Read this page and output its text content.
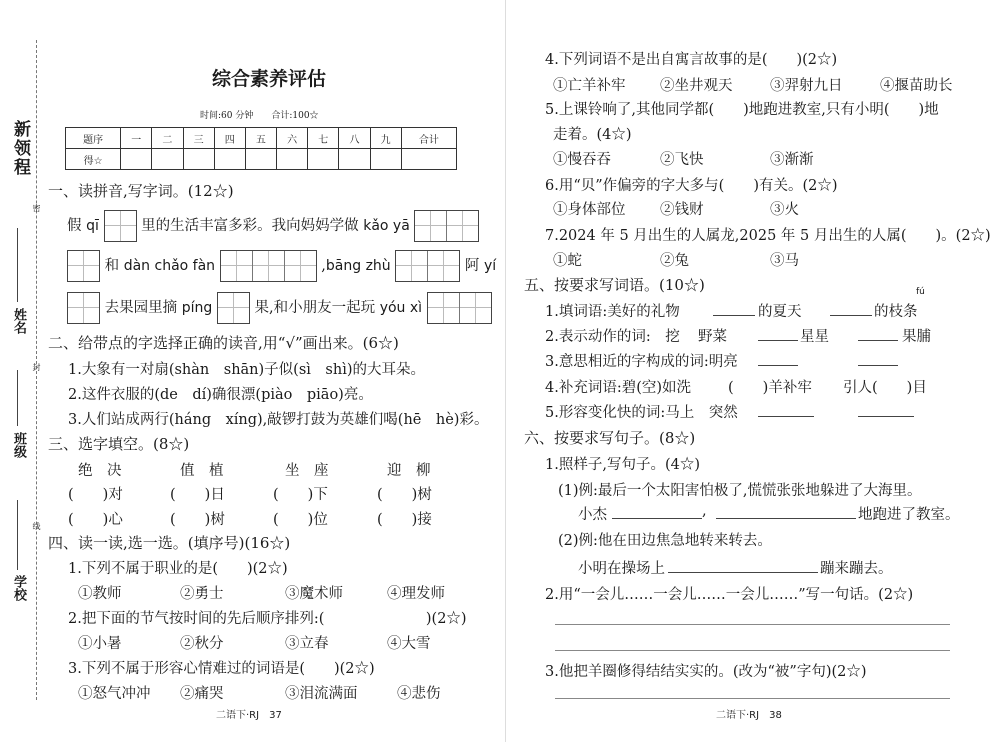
新领程
姓名
密
封
班级
线
学校
综合素养评估
时间:60 分钟　　合计:100☆
题序	一	二	三	四	五	六	七	八	九	合计
得☆										
一、读拼音,写字词。(12☆)
假 qī	里的生活丰富多彩。我向妈妈学做 kǎo yā
和 dàn chǎo fàn	,bāng zhù	阿 yí
去果园里摘 píng	果,和小朋友一起玩 yóu xì
二、给带点的字选择正确的读音,用“√”画出来。(6☆)
1.大象有一对扇(shàn　shān)子似(sì　shì)的大耳朵。
2.这件衣服的(de　dí)确很漂(piào　piāo)亮。
3.人们站成两行(háng　xíng),敲锣打鼓为英雄们喝(hē　hè)彩。
三、选字填空。(8☆)
绝　决	值　植	坐　座	迎　柳
(　　)对	(　　)日	(　　)下	(　　)树
(　　)心	(　　)树	(　　)位	(　　)接
四、读一读,选一选。(填序号)(16☆)
1.下列不属于职业的是(　　)(2☆)
①教师	②勇士	③魔术师	④理发师
2.把下面的节气按时间的先后顺序排列:(　　　　　　　)(2☆)
①小暑	②秋分	③立春	④大雪
3.下列不属于形容心情难过的词语是(　　)(2☆)
①怒气冲冲 ②痛哭	③泪流满面	④悲伤
二语下·RJ　37
4.下列词语不是出自寓言故事的是(　　)(2☆)
①亡羊补牢 ②坐井观天	③羿射九日	④揠苗助长
5.上课铃响了,其他同学都(　　)地跑进教室,只有小明(　　)地
走着。(4☆)
①慢吞吞	②飞快	③渐渐
6.用“贝”作偏旁的字大多与(　　)有关。(2☆)
①身体部位 ②钱财	③火
7.2024 年 5 月出生的人属龙,2025 年 5 月出生的人属(　　)。(2☆)
①蛇	②兔	③马
五、按要求写词语。(10☆)	fú
1.填词语:美好的礼物	的夏天	的枝条
2.表示动作的词:　挖 野菜	星星	果脯
3.意思相近的字构成的词:明亮
4.补充词语:碧(空)如洗	(　　)羊补牢 引人(　　)目
5.形容变化快的词:马上　突然
六、按要求写句子。(8☆)
1.照样子,写句子。(4☆)
(1)例:最后一个太阳害怕极了,慌慌张张地躲进了大海里。
小杰	,	地跑进了教室。
(2)例:他在田边焦急地转来转去。
小明在操场上	蹦来蹦去。
2.用“一会儿……一会儿……一会儿……”写一句话。(2☆)
3.他把羊圈修得结结实实的。(改为“被”字句)(2☆)
二语下·RJ　38
